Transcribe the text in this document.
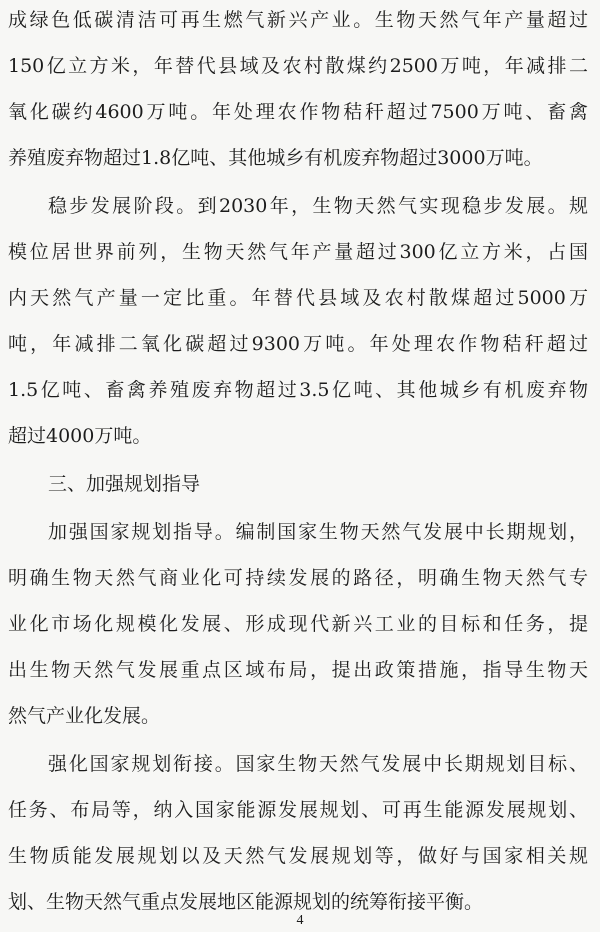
成绿色低碳清洁可再生燃气新兴产业。生物天然气年产量超过
150亿立方米，年替代县域及农村散煤约2500万吨，年减排二
氧化碳约4600万吨。年处理农作物秸秆超过7500万吨、畜禽
养殖废弃物超过1.8亿吨、其他城乡有机废弃物超过3000万吨。
稳步发展阶段。到2030年，生物天然气实现稳步发展。规
模位居世界前列，生物天然气年产量超过300亿立方米，占国
内天然气产量一定比重。年替代县域及农村散煤超过5000万
吨，年减排二氧化碳超过9300万吨。年处理农作物秸秆超过
1.5亿吨、畜禽养殖废弃物超过3.5亿吨、其他城乡有机废弃物
超过4000万吨。
三、加强规划指导
加强国家规划指导。编制国家生物天然气发展中长期规划，
明确生物天然气商业化可持续发展的路径，明确生物天然气专
业化市场化规模化发展、形成现代新兴工业的目标和任务，提
出生物天然气发展重点区域布局，提出政策措施，指导生物天
然气产业化发展。
强化国家规划衔接。国家生物天然气发展中长期规划目标、
任务、布局等，纳入国家能源发展规划、可再生能源发展规划、
生物质能发展规划以及天然气发展规划等，做好与国家相关规
划、生物天然气重点发展地区能源规划的统筹衔接平衡。
4
